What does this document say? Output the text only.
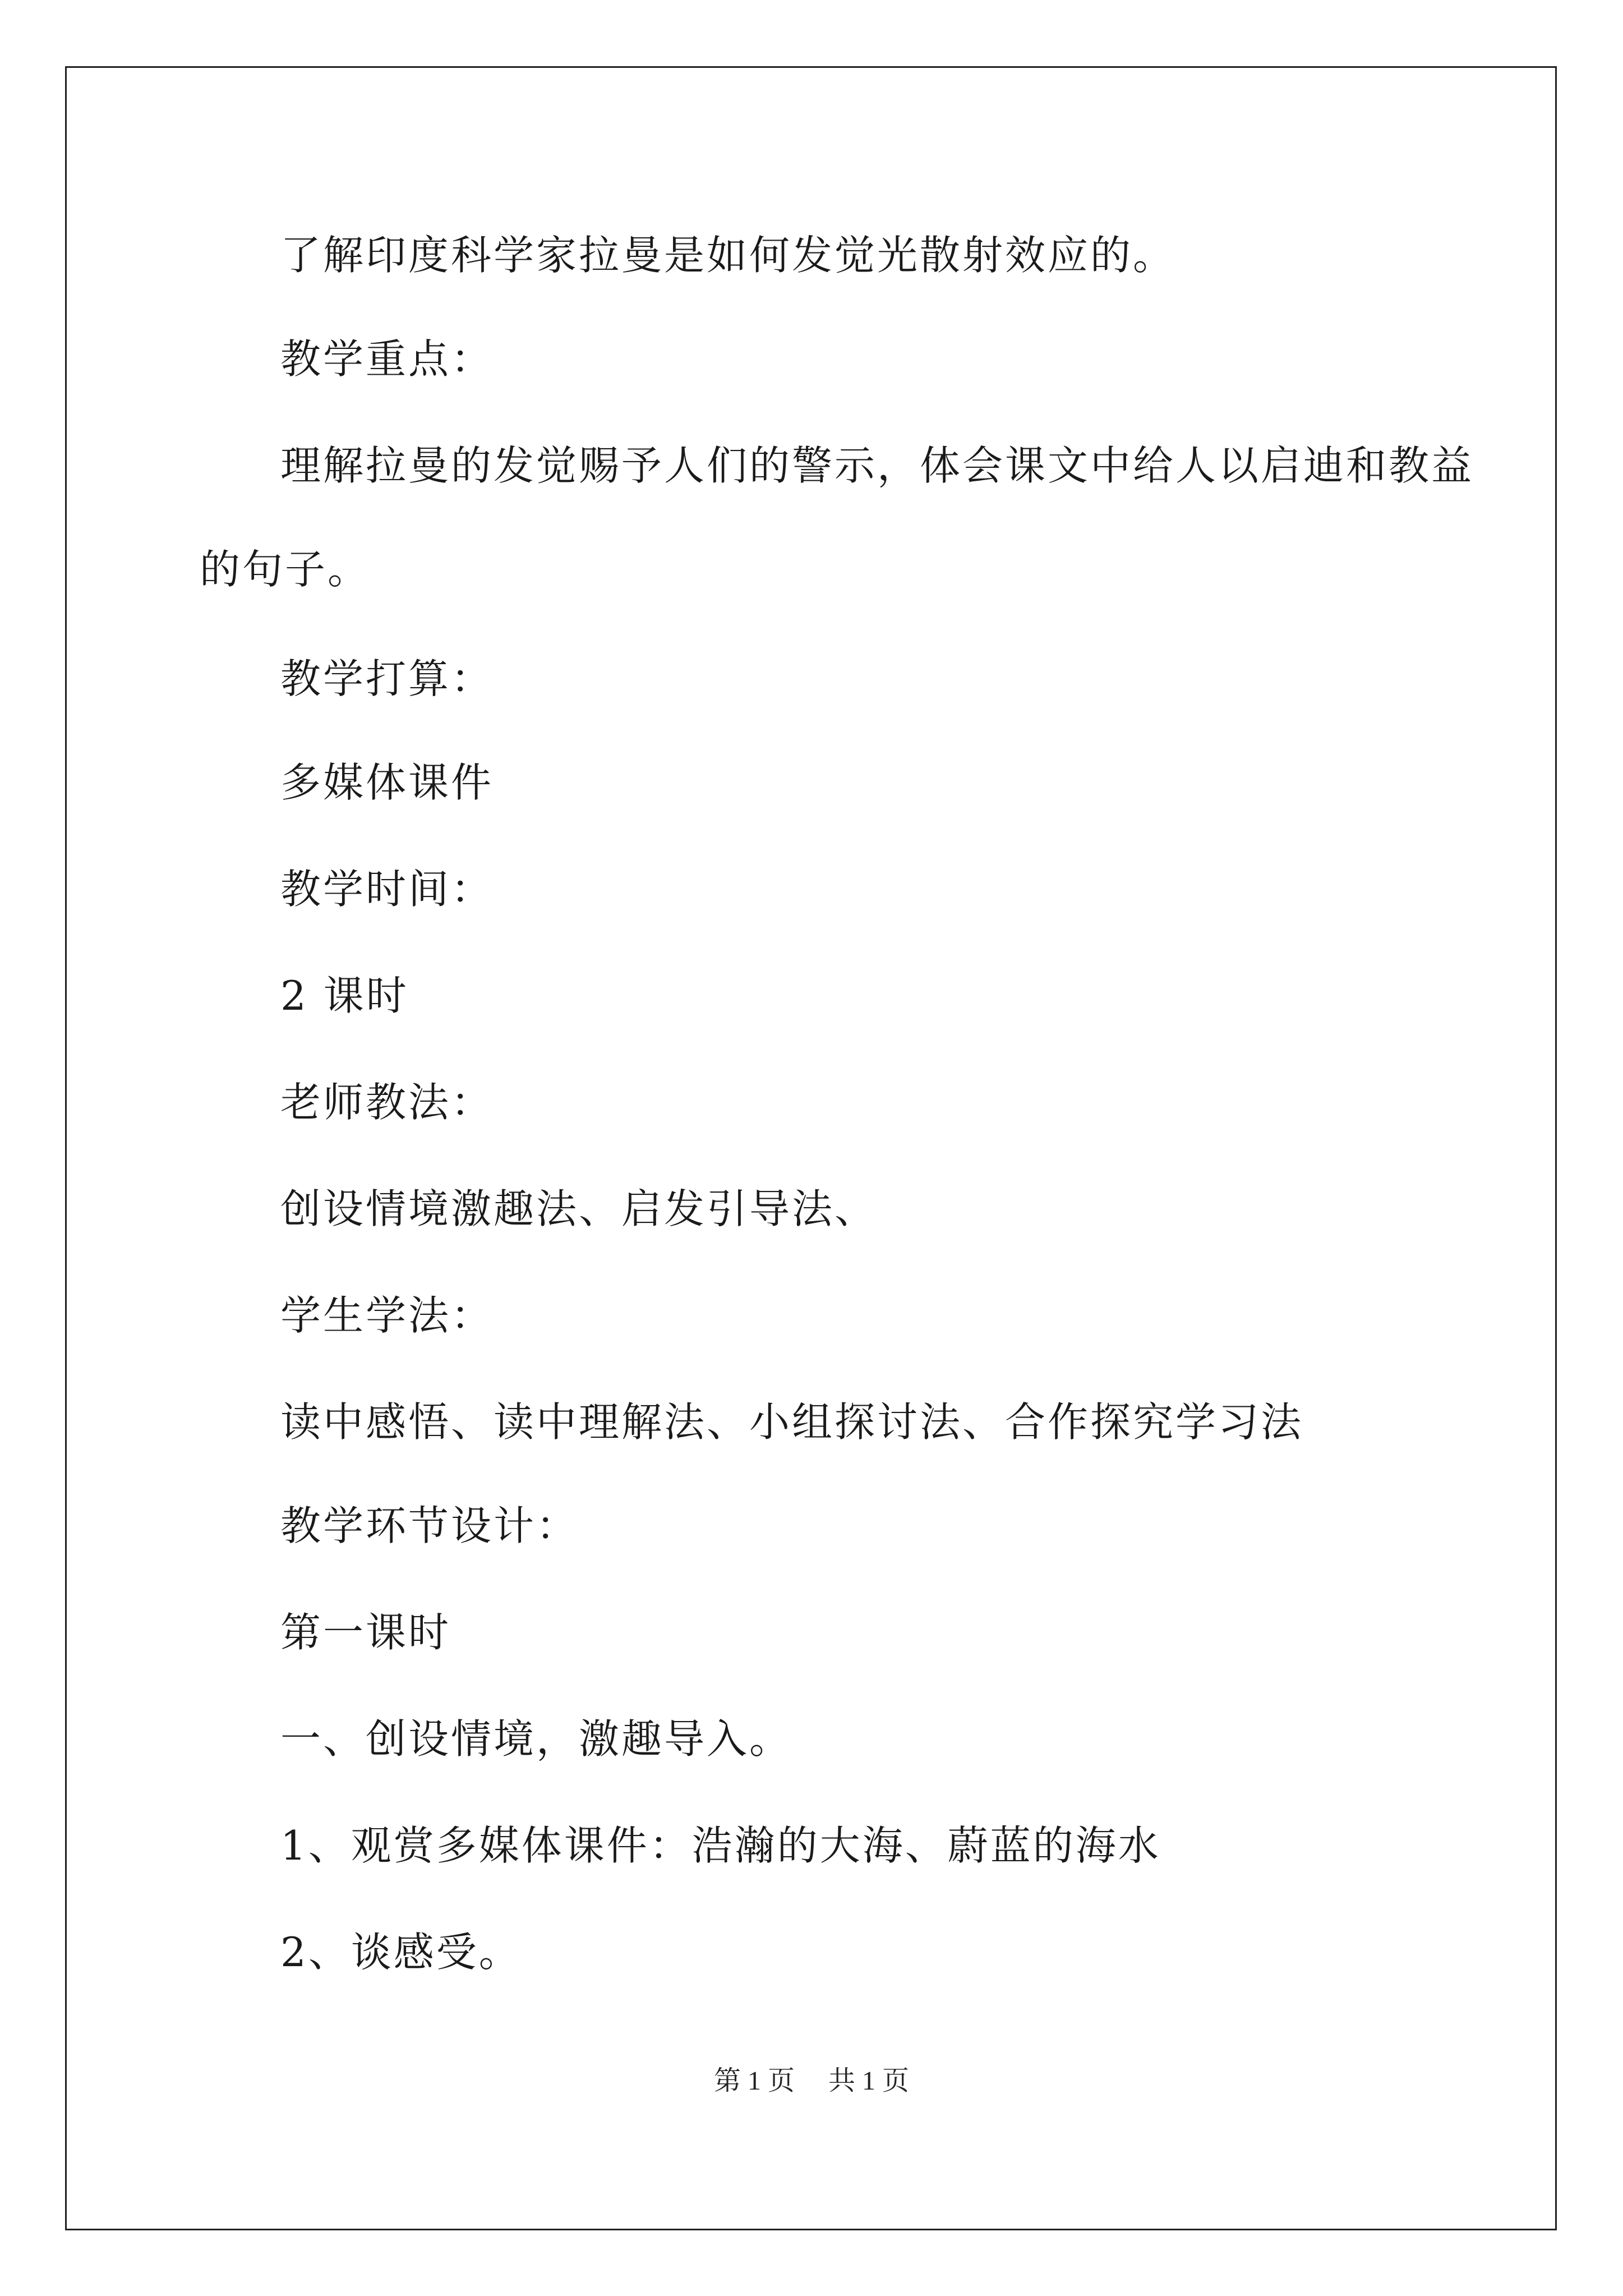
了解印度科学家拉曼是如何发觉光散射效应的。
教学重点：
理解拉曼的发觉赐予人们的警示，体会课文中给人以启迪和教益
的句子。
教学打算：
多媒体课件
教学时间：
2 课时
老师教法：
创设情境激趣法、启发引导法、
学生学法：
读中感悟、读中理解法、小组探讨法、合作探究学习法
教学环节设计：
第一课时
一、创设情境，激趣导入。
1、观赏多媒体课件：浩瀚的大海、蔚蓝的海水
2、谈感受。
第 1 页 共 1 页
